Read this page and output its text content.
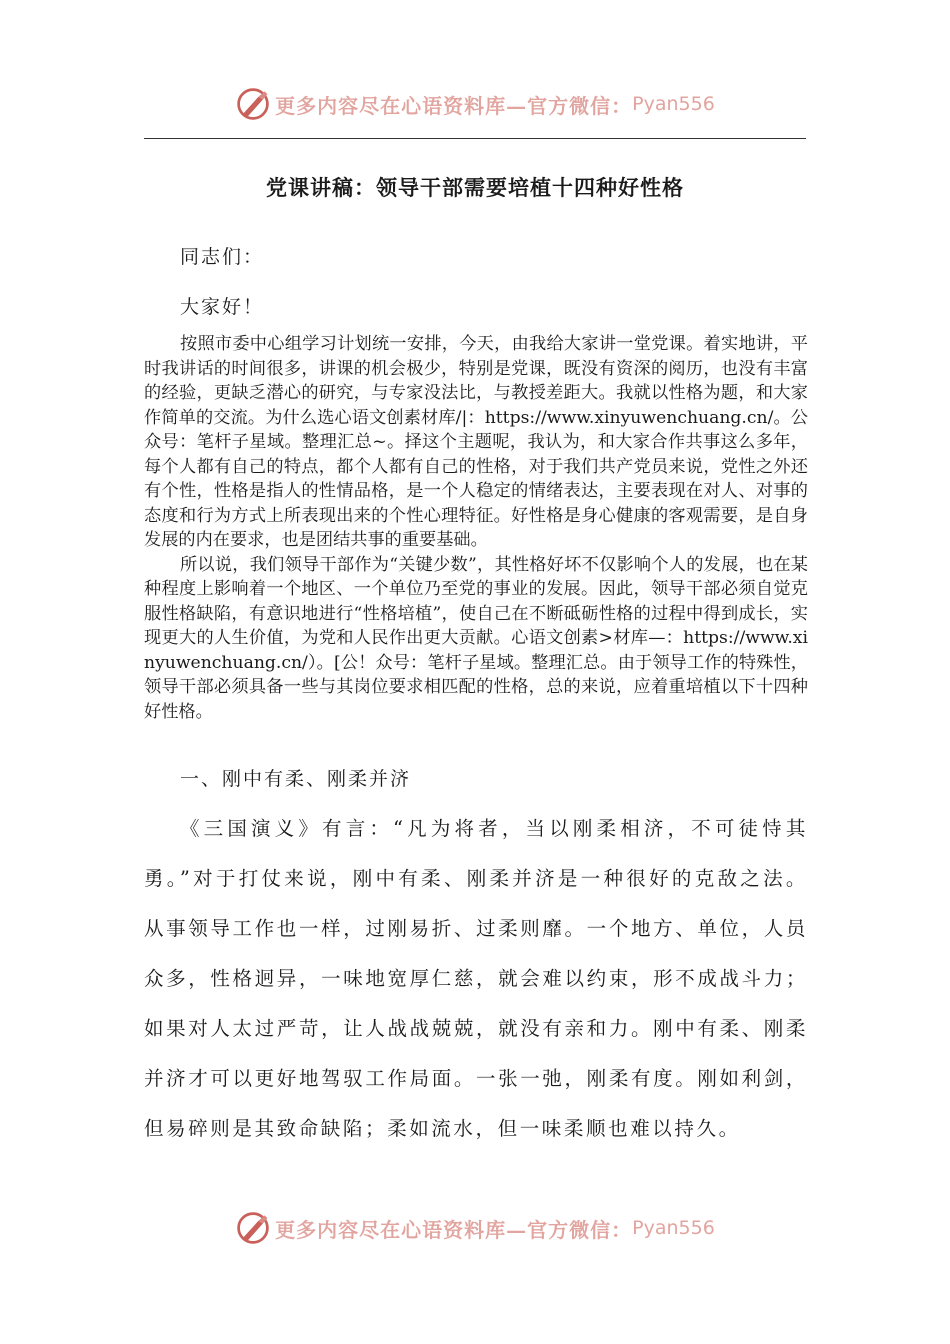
更多内容尽在心语资料库—官方微信： Pyan556
党课讲稿：领导干部需要培植十四种好性格
同志们：
大家好！

按照市委中心组学习计划统一安排，今天，由我给大家讲一堂党课。着实地讲，平时我讲话的时间很多，讲课的机会极少，特别是党课，既没有资深的阅历，也没有丰富的经验，更缺乏潜心的研究，与专家没法比，与教授差距大。我就以性格为题，和大家作简单的交流。为什么选心语文创素材库/|：https://www.xinyuwenchuang.cn/。公众号：笔杆子星域。整理汇总~。择这个主题呢，我认为，和大家合作共事这么多年，每个人都有自己的特点，都个人都有自己的性格，对于我们共产党员来说，党性之外还有个性，性格是指人的性情品格，是一个人稳定的情绪表达，主要表现在对人、对事的态度和行为方式上所表现出来的个性心理特征。好性格是身心健康的客观需要，是自身发展的内在要求，也是团结共事的重要基础。

所以说，我们领导干部作为“关键少数”，其性格好坏不仅影响个人的发展，也在某种程度上影响着一个地区、一个单位乃至党的事业的发展。因此，领导干部必须自觉克服性格缺陷，有意识地进行“性格培植”，使自己在不断砥砺性格的过程中得到成长，实现更大的人生价值，为党和人民作出更大贡献。心语文创素>材库—：https://www.xinyuwenchuang.cn/）。[公！众号：笔杆子星域。整理汇总。由于领导工作的特殊性，领导干部必须具备一些与其岗位要求相匹配的性格，总的来说，应着重培植以下十四种好性格。

一、刚中有柔、刚柔并济

《三国演义》有言：“凡为将者，当以刚柔相济，不可徒恃其勇。”对于打仗来说，刚中有柔、刚柔并济是一种很好的克敌之法。从事领导工作也一样，过刚易折、过柔则靡。一个地方、单位，人员众多，性格迥异，一味地宽厚仁慈，就会难以约束，形不成战斗力；如果对人太过严苛，让人战战兢兢，就没有亲和力。刚中有柔、刚柔并济才可以更好地驾驭工作局面。一张一弛，刚柔有度。刚如利剑，但易碎则是其致命缺陷；柔如流水，但一味柔顺也难以持久。

更多内容尽在心语资料库—官方微信： Pyan556
